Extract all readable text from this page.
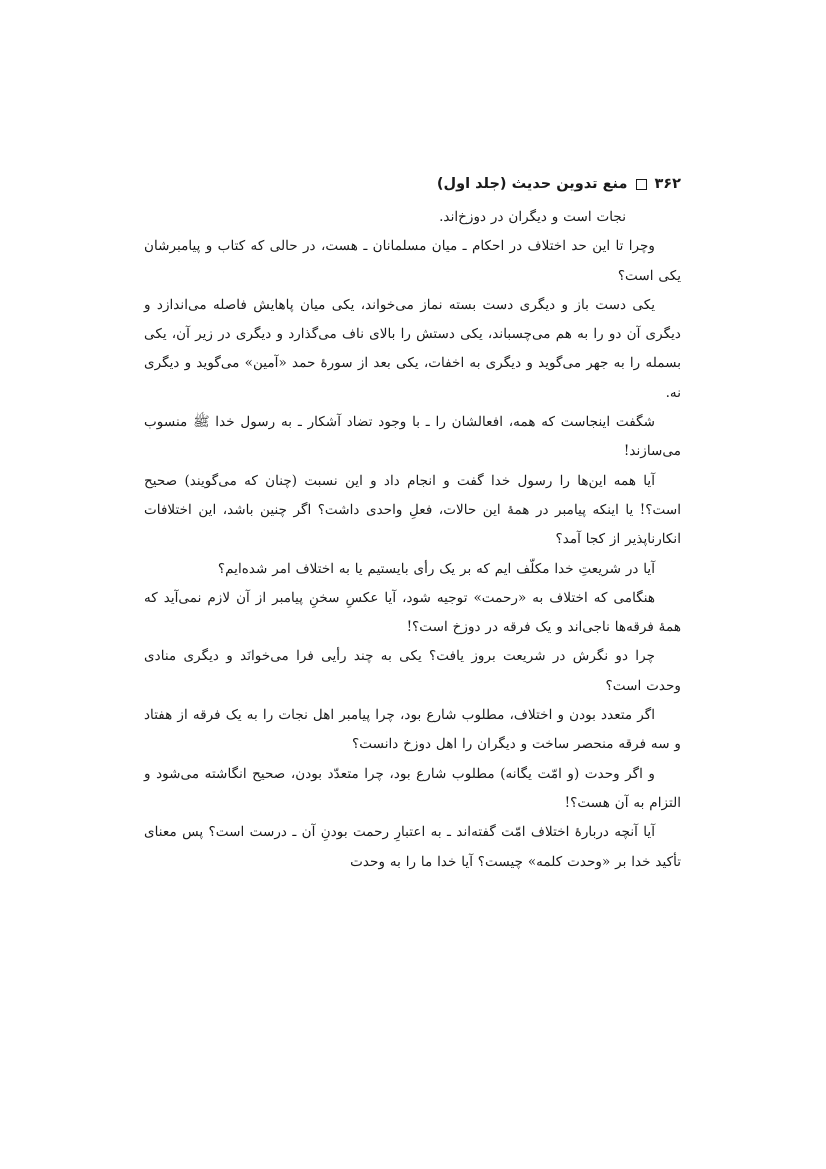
۳۶۲
منع تدوین حدیث (جلد اول)

نجات است و دیگران در دوزخ‌اند.

وچرا تا این حد اختلاف در احکام ـ میان مسلمانان ـ هست، در حالی که کتاب و پیامبرشان یکی است؟

یکی دست باز و دیگری دست بسته نماز می‌خواند، یکی میان پاهایش فاصله می‌اندازد و دیگری آن دو را به هم می‌چسباند، یکی دستش را بالای ناف می‌گذارد و دیگری در زیر آن، یکی بسمله را به جهر می‌گوید و دیگری به اخفات، یکی بعد از سورهٔ حمد «آمین» می‌گوید و دیگری نه.

شگفت اینجاست که همه، افعالشان را ـ با وجود تضاد آشکار ـ به رسول خدا ﷺ منسوب می‌سازند!

آیا همه این‌ها را رسول خدا گفت و انجام داد و این نسبت (چنان که می‌گویند) صحیح است؟! یا اینکه پیامبر در همهٔ این حالات، فعلِ واحدی داشت؟ اگر چنین باشد، این اختلافات انکارناپذیر از کجا آمد؟

آیا در شریعتِ خدا مکلّف ایم که بر یک رأی بایستیم یا به اختلاف امر شده‌ایم؟

هنگامی که اختلاف به «رحمت» توجیه شود، آیا عکسِ سخنِ پیامبر از آن لازم نمی‌آید که همهٔ فرقه‌ها ناجی‌اند و یک فرقه در دوزخ است؟!

چرا دو نگرش در شریعت بروز یافت؟ یکی به چند رأیی فرا می‌خوانَد و دیگری منادی وحدت است؟

اگر متعدد بودن و اختلاف، مطلوب شارع بود، چرا پیامبر اهل نجات را به یک فرقه از هفتاد و سه فرقه منحصر ساخت و دیگران را اهل دوزخ دانست؟

و اگر وحدت (و امّت یگانه) مطلوب شارع بود، چرا متعدّد بودن، صحیح انگاشته می‌شود و التزام به آن هست؟!

آیا آنچه دربارهٔ اختلاف امّت گفته‌اند ـ به اعتبارِ رحمت بودنِ آن ـ درست است؟ پس معنای تأکید خدا بر «وحدت کلمه» چیست؟ آیا خدا ما را به وحدت
